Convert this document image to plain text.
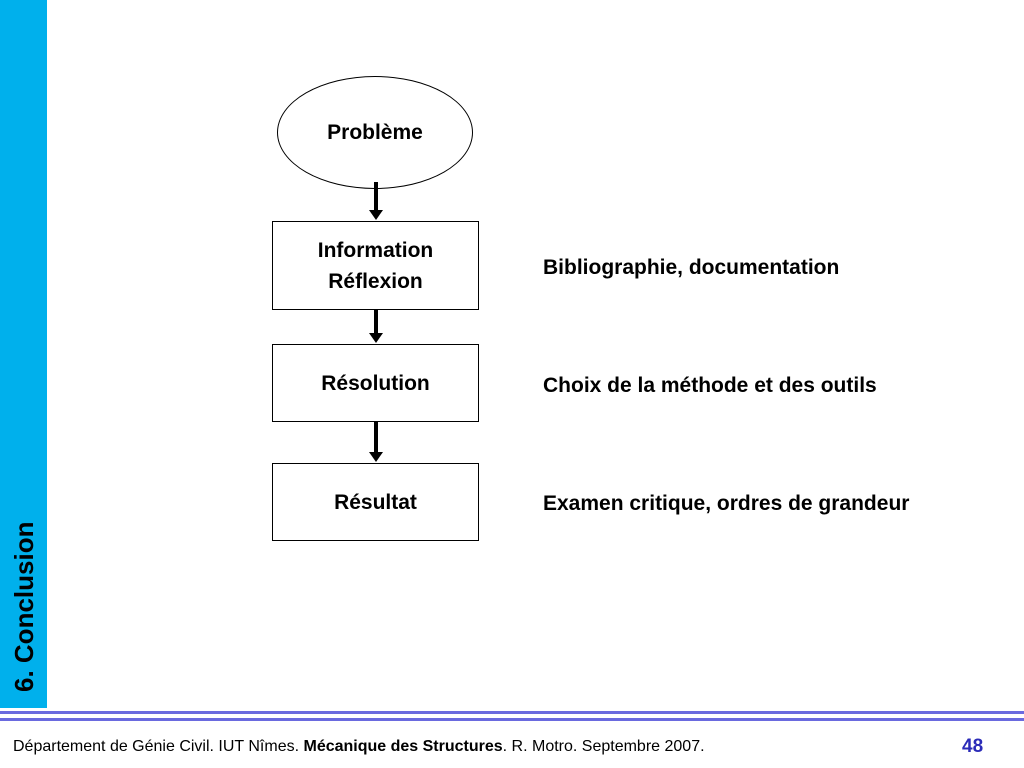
6. Conclusion
Problème
Information
Réflexion
Résolution
Résultat
Bibliographie, documentation
Choix de la méthode et des outils
Examen critique, ordres de grandeur
Département de Génie Civil. IUT Nîmes. Mécanique des Structures. R. Motro. Septembre 2007.	48
